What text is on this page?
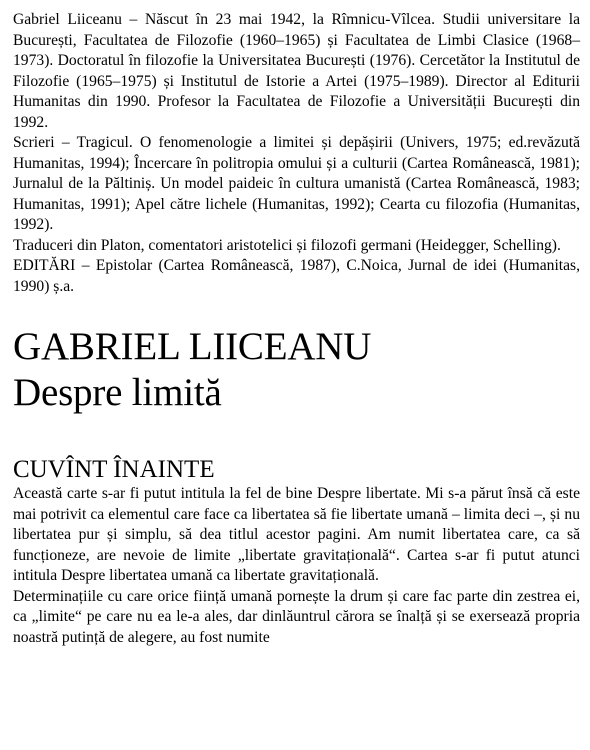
Gabriel Liiceanu – Născut în 23 mai 1942, la Rîmnicu-Vîlcea. Studii universitare la București, Facultatea de Filozofie (1960–1965) și Facultatea de Limbi Clasice (1968–1973). Doctoratul în filozofie la Universitatea București (1976). Cercetător la Institutul de Filozofie (1965–1975) și Institutul de Istorie a Artei (1975–1989). Director al Editurii Humanitas din 1990. Profesor la Facultatea de Filozofie a Universității București din 1992.

Scrieri – Tragicul. O fenomenologie a limitei și depășirii (Univers, 1975; ed.revăzută Humanitas, 1994); Încercare în politropia omului și a culturii (Cartea Românească, 1981); Jurnalul de la Păltiniș. Un model paideic în cultura umanistă (Cartea Românească, 1983; Humanitas, 1991); Apel către lichele (Humanitas, 1992); Cearta cu filozofia (Humanitas, 1992).

Traduceri din Platon, comentatori aristotelici și filozofi germani (Heidegger, Schelling).

EDITĂRI – Epistolar (Cartea Românească, 1987), C.Noica, Jurnal de idei (Humanitas, 1990) ș.a.

GABRIEL LIICEANU
Despre limită
CUVÎNT ÎNAINTE

Această carte s-ar fi putut intitula la fel de bine Despre libertate. Mi s-a părut însă că este mai potrivit ca elementul care face ca libertatea să fie libertate umană – limita deci –, și nu libertatea pur și simplu, să dea titlul acestor pagini. Am numit libertatea care, ca să funcționeze, are nevoie de limite „libertate gravitațională“. Cartea s-ar fi putut atunci intitula Despre libertatea umană ca libertate gravitațională.

Determinațiile cu care orice ființă umană pornește la drum și care fac parte din zestrea ei, ca „limite“ pe care nu ea le-a ales, dar dinlăuntrul cărora se înalță și se exersează propria noastră putință de alegere, au fost numite
